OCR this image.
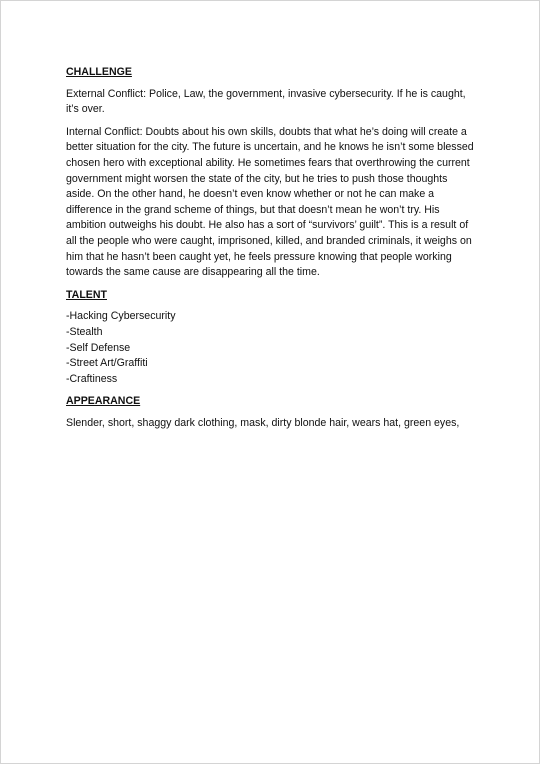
CHALLENGE

External Conflict: Police, Law, the government, invasive cybersecurity. If he is caught, it’s over.

Internal Conflict: Doubts about his own skills, doubts that what he’s doing will create a better situation for the city. The future is uncertain, and he knows he isn’t some blessed chosen hero with exceptional ability. He sometimes fears that overthrowing the current government might worsen the state of the city, but he tries to push those thoughts aside. On the other hand, he doesn’t even know whether or not he can make a difference in the grand scheme of things, but that doesn’t mean he won’t try. His ambition outweighs his doubt. He also has a sort of “survivors’ guilt”. This is a result of all the people who were caught, imprisoned, killed, and branded criminals, it weighs on him that he hasn’t been caught yet, he feels pressure knowing that people working towards the same cause are disappearing all the time.

TALENT
-Hacking Cybersecurity
-Stealth
-Self Defense
-Street Art/Graffiti
-Craftiness
APPEARANCE

Slender, short, shaggy dark clothing, mask, dirty blonde hair, wears hat, green eyes,
